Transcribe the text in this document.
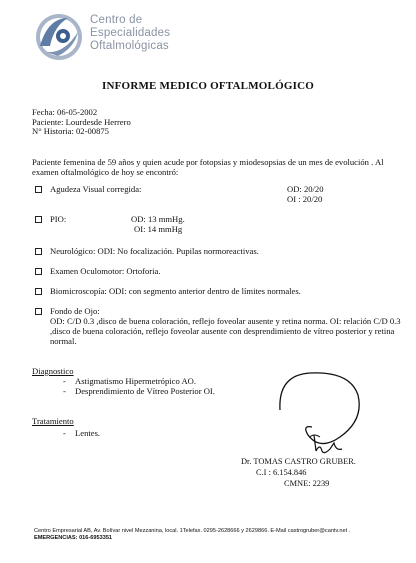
Centro de
Especialidades
Oftalmológicas
INFORME MEDICO OFTALMOLÓGICO
Fecha: 06-05-2002
Paciente: Lourdesde Herrero
N° Historia: 02-00875
Paciente femenina de 59 años y quien acude por fotopsias y miodesopsias de un mes de evolución . Al examen oftalmológico de hoy se encontró:
Agudeza Visual corregida:	OD: 20/20
OI : 20/20
PIO:	OD: 13 mmHg.
OI: 14 mmHg
Neurológico: ODI: No focalización. Pupilas normoreactivas.
Examen Oculomotor: Ortoforia.
Biomicroscopía: ODI: con segmento anterior dentro de límites normales.
Fondo de Ojo:
OD: C/D 0.3 ,disco de buena coloración, reflejo foveolar ausente y retina norma. OI: relación C/D 0.3 ,disco de buena coloración, reflejo foveolar ausente con desprendimiento de vítreo posterior y retina normal.
Diagnostico
- Astigmatismo Hipermetrópico AO.
- Desprendimiento de Vítreo Posterior OI.
Tratamiento
- Lentes.
Dr. TOMAS CASTRO GRUBER.
C.I : 6.154.846
CMNE: 2239
Centro Empresarial AB, Av. Bolívar nivel Mezzanina, local. 1Telefax. 0295-2628666 y 2629866. E-Mail castrogruber@cantv.net .
EMERGENCIAS: 016-6953351
